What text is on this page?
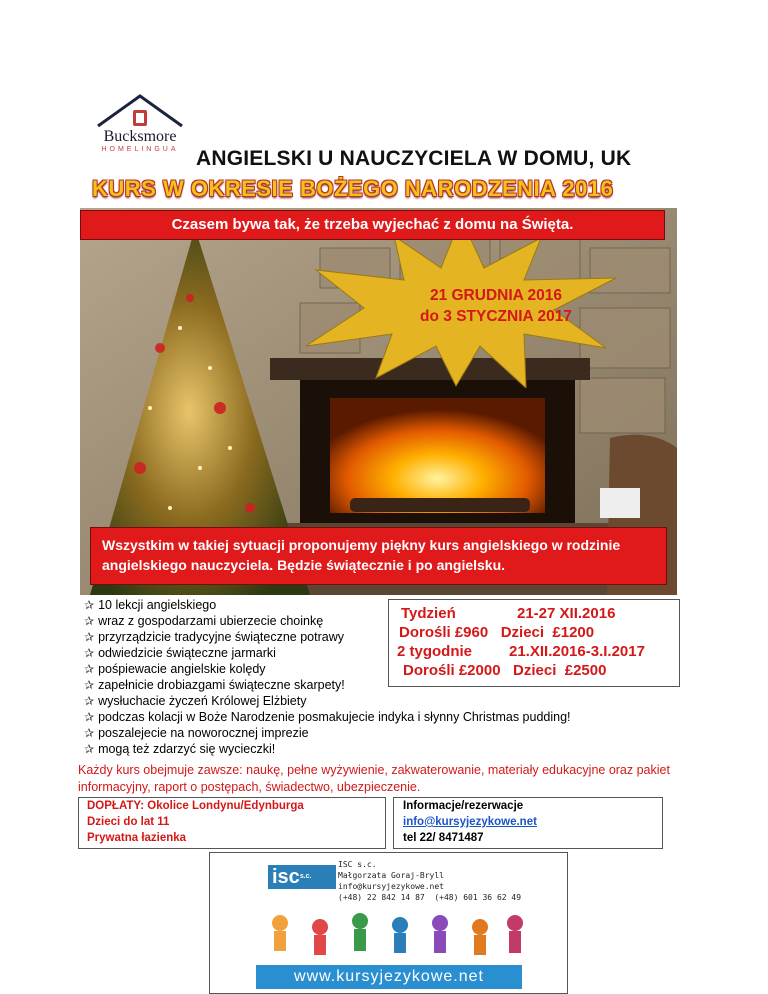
Bucksmore
HOMELINGUA ANGIELSKI U NAUCZYCIELA W DOMU, UK
KURS W OKRESIE BOŻEGO NARODZENIA 2016
21 GRUDNIA 2016
do 3 STYCZNIA 2017
Czasem bywa tak, że trzeba wyjechać z domu na Święta.
Wszystkim w takiej sytuacji proponujemy piękny kurs angielskiego w rodzinie angielskiego nauczyciela. Będzie świątecznie i po angielsku.
✰ 10 lekcji angielskiego
✰ wraz z gospodarzami ubierzecie choinkę
✰ przyrządzicie tradycyjne świąteczne potrawy
✰ odwiedzicie świąteczne jarmarki
✰ pośpiewacie angielskie kolędy
✰ zapełnicie drobiazgami świąteczne skarpety!
✰ wysłuchacie życzeń Królowej Elżbiety
✰ podczas kolacji w Boże Narodzenie posmakujecie indyka i słynny Christmas pudding!
✰ poszalejecie na noworocznej imprezie
✰ mogą też zdarzyć się wycieczki!
Tydzień	21-27 XII.2016
Dorośli £960   Dzieci  £1200
2 tygodnie 21.XII.2016-3.I.2017
Dorośli £2000   Dzieci  £2500
Każdy kurs obejmuje zawsze: naukę, pełne wyżywienie, zakwaterowanie, materiały edukacyjne oraz pakiet informacyjny, raport o postępach, świadectwo, ubezpieczenie.
DOPŁATY: Okolice Londynu/Edynburga
Dzieci do lat 11
Prywatna łazienka
Informacje/rezerwacje
info@kursyjezykowe.net
tel 22/ 8471487
isc$^{s.c.}$
ISC s.c.
Małgorzata Goraj-Bryll
info@kursyjezykowe.net
(+48) 22 842 14 87  (+48) 601 36 62 49
www.kursyjezykowe.net
